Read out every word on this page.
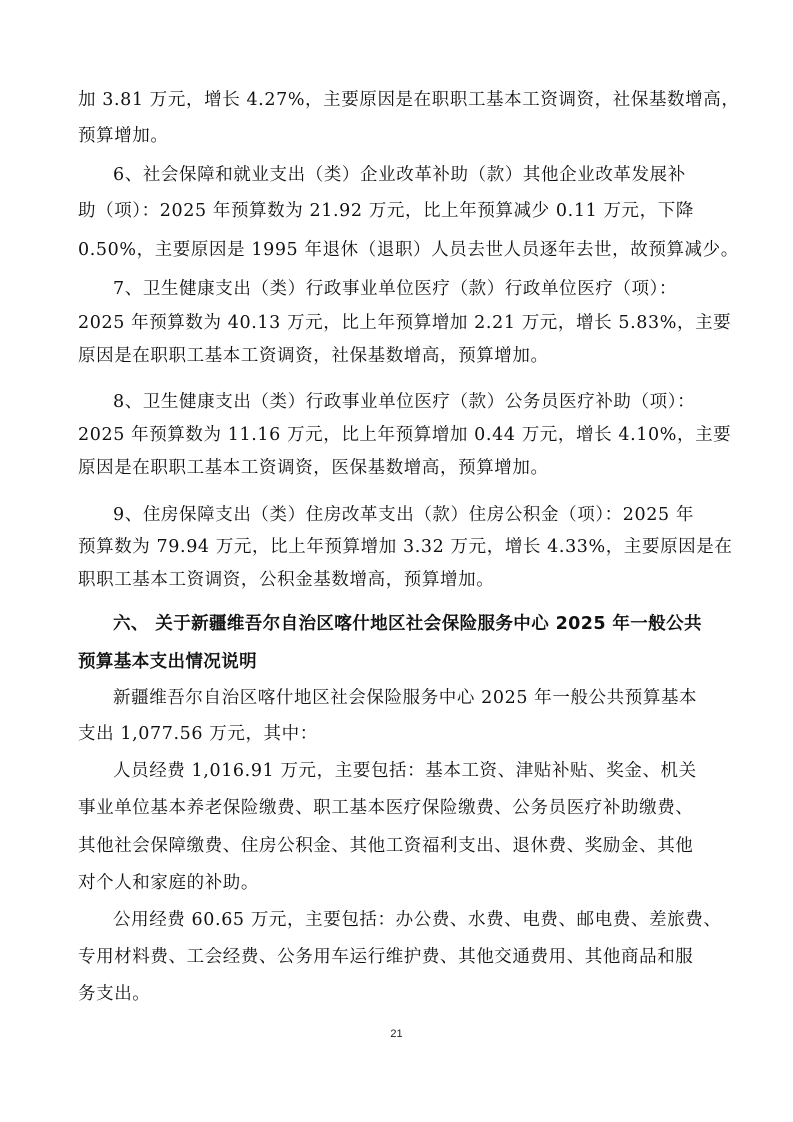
加 3.81 万元，增长 4.27%，主要原因是在职职工基本工资调资，社保基数增高，
预算增加。
6、社会保障和就业支出（类）企业改革补助（款）其他企业改革发展补
助（项）：2025 年预算数为 21.92 万元，比上年预算减少 0.11 万元，下降
0.50%，主要原因是 1995 年退休（退职）人员去世人员逐年去世，故预算减少。
7、卫生健康支出（类）行政事业单位医疗（款）行政单位医疗（项）：
2025 年预算数为 40.13 万元，比上年预算增加 2.21 万元，增长 5.83%，主要
原因是在职职工基本工资调资，社保基数增高，预算增加。
8、卫生健康支出（类）行政事业单位医疗（款）公务员医疗补助（项）：
2025 年预算数为 11.16 万元，比上年预算增加 0.44 万元，增长 4.10%，主要
原因是在职职工基本工资调资，医保基数增高，预算增加。
9、住房保障支出（类）住房改革支出（款）住房公积金（项）：2025 年
预算数为 79.94 万元，比上年预算增加 3.32 万元，增长 4.33%，主要原因是在
职职工基本工资调资，公积金基数增高，预算增加。
六、 关于新疆维吾尔自治区喀什地区社会保险服务中心 2025 年一般公共
预算基本支出情况说明
新疆维吾尔自治区喀什地区社会保险服务中心 2025 年一般公共预算基本
支出 1,077.56 万元，其中：
人员经费 1,016.91 万元，主要包括：基本工资、津贴补贴、奖金、机关
事业单位基本养老保险缴费、职工基本医疗保险缴费、公务员医疗补助缴费、
其他社会保障缴费、住房公积金、其他工资福利支出、退休费、奖励金、其他
对个人和家庭的补助。
公用经费 60.65 万元，主要包括：办公费、水费、电费、邮电费、差旅费、
专用材料费、工会经费、公务用车运行维护费、其他交通费用、其他商品和服
务支出。
21
